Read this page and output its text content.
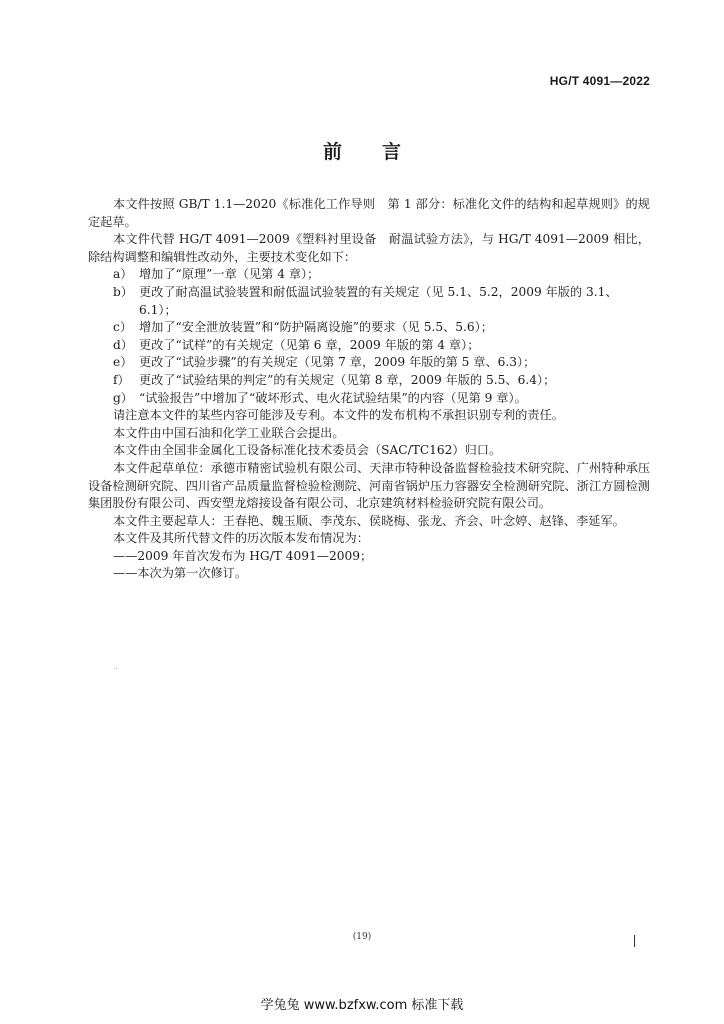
HG/T 4091—2022
前言

本文件按照 GB/T 1.1—2020《标准化工作导则　第 1 部分：标准化文件的结构和起草规则》的规定起草。

本文件代替 HG/T 4091—2009《塑料衬里设备　耐温试验方法》，与 HG/T 4091—2009 相比，除结构调整和编辑性改动外，主要技术变化如下：

a） 增加了“原理”一章（见第 4 章）；
b） 更改了耐高温试验装置和耐低温试验装置的有关规定（见 5.1、5.2，2009 年版的 3.1、6.1）；
c） 增加了“安全泄放装置”和“防护隔离设施”的要求（见 5.5、5.6）；
d） 更改了“试样”的有关规定（见第 6 章，2009 年版的第 4 章）；
e） 更改了“试验步骤”的有关规定（见第 7 章，2009 年版的第 5 章、6.3）；
f） 更改了“试验结果的判定”的有关规定（见第 8 章，2009 年版的 5.5、6.4）；
g） “试验报告”中增加了“破坏形式、电火花试验结果”的内容（见第 9 章）。

请注意本文件的某些内容可能涉及专利。本文件的发布机构不承担识别专利的责任。

本文件由中国石油和化学工业联合会提出。

本文件由全国非金属化工设备标准化技术委员会（SAC/TC162）归口。

本文件起草单位：承德市精密试验机有限公司、天津市特种设备监督检验技术研究院、广州特种承压设备检测研究院、四川省产品质量监督检验检测院、河南省锅炉压力容器安全检测研究院、浙江方圆检测集团股份有限公司、西安塑龙熔接设备有限公司、北京建筑材料检验研究院有限公司。

本文件主要起草人：王春艳、魏玉顺、李茂东、侯晓梅、张龙、齐会、叶念婷、赵锋、李延军。

本文件及其所代替文件的历次版本发布情况为：

——2009 年首次发布为 HG/T 4091—2009；

——本次为第一次修订。

(19)
学兔兔 www.bzfxw.com 标准下载
